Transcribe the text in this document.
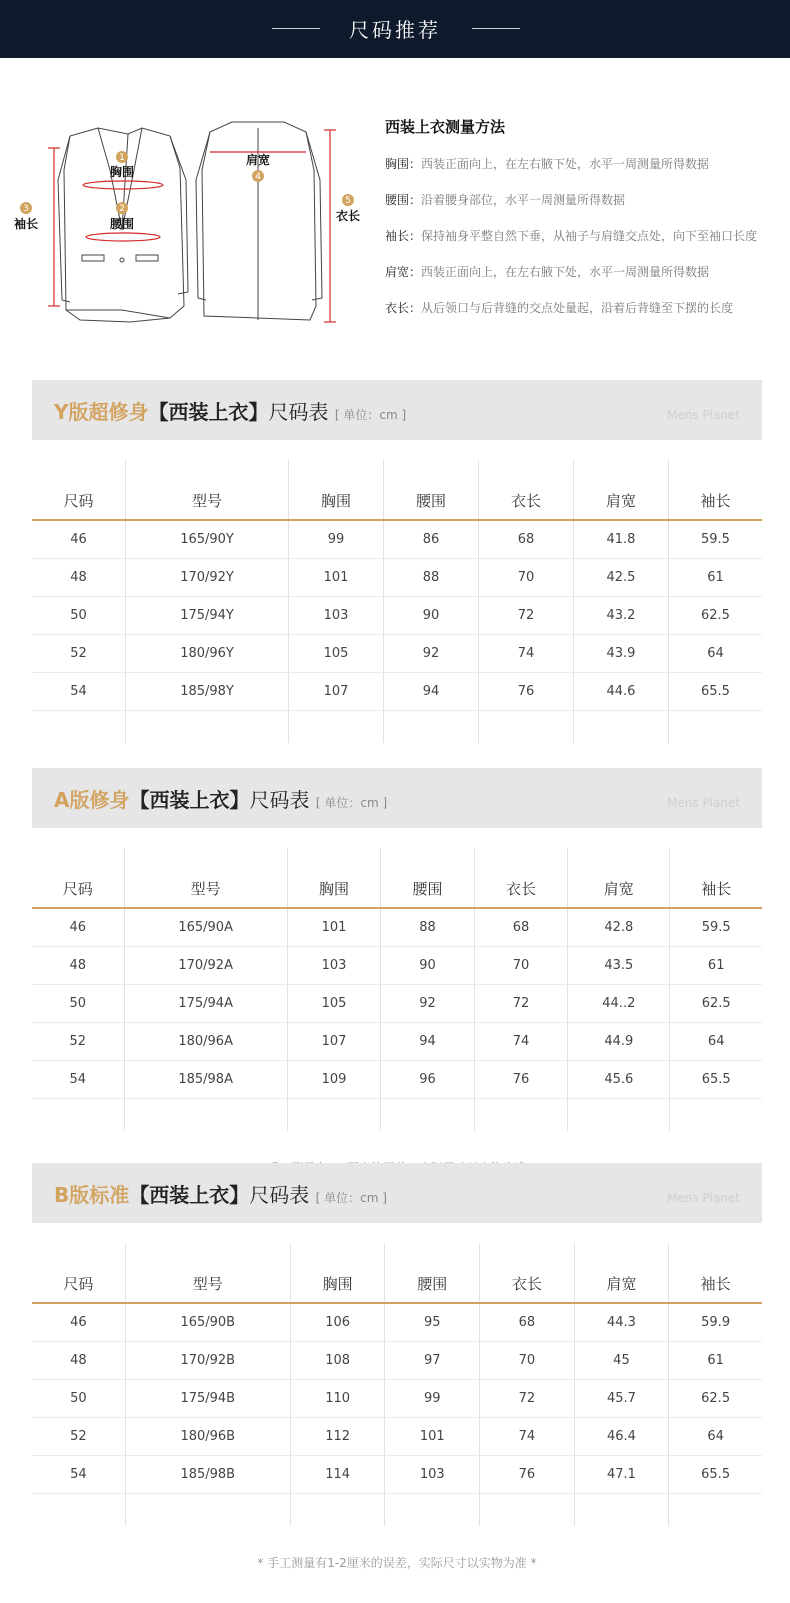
尺码推荐
1
2
3
4
5
胸围
腰围
袖长
肩宽
衣长
西装上衣测量方法
胸围：西装正面向上，在左右腋下处，水平一周测量所得数据
腰围：沿着腰身部位，水平一周测量所得数据
袖长：保持袖身平整自然下垂，从袖子与肩缝交点处，向下至袖口长度
肩宽：西装正面向上，在左右腋下处，水平一周测量所得数据
衣长：从后领口与后背缝的交点处量起，沿着后背缝至下摆的长度
Y版超修身【西装上衣】尺码表 [ 单位：cm ]	Mens Planet
尺码	型号	胸围	腰围	衣长	肩宽	袖长
46	165/90Y	99	86	68	41.8	59.5
48	170/92Y	101	88	70	42.5	61
50	175/94Y	103	90	72	43.2	62.5
52	180/96Y	105	92	74	43.9	64
54	185/98Y	107	94	76	44.6	65.5

A版修身【西装上衣】尺码表 [ 单位：cm ]	Mens Planet
尺码	型号	胸围	腰围	衣长	肩宽	袖长
46	165/90A	101	88	68	42.8	59.5
48	170/92A	103	90	70	43.5	61
50	175/94A	105	92	72	44..2	62.5
52	180/96A	107	94	74	44.9	64
54	185/98A	109	96	76	45.6	65.5

B版标准【西装上衣】尺码表 [ 单位：cm ]	Mens Planet
尺码	型号	胸围	腰围	衣长	肩宽	袖长
46	165/90B	106	95	68	44.3	59.9
48	170/92B	108	97	70	45	61
50	175/94B	110	99	72	45.7	62.5
52	180/96B	112	101	74	46.4	64
54	185/98B	114	103	76	47.1	65.5

* 手工测量有1-2厘米的误差，实际尺寸以实物为准 *
